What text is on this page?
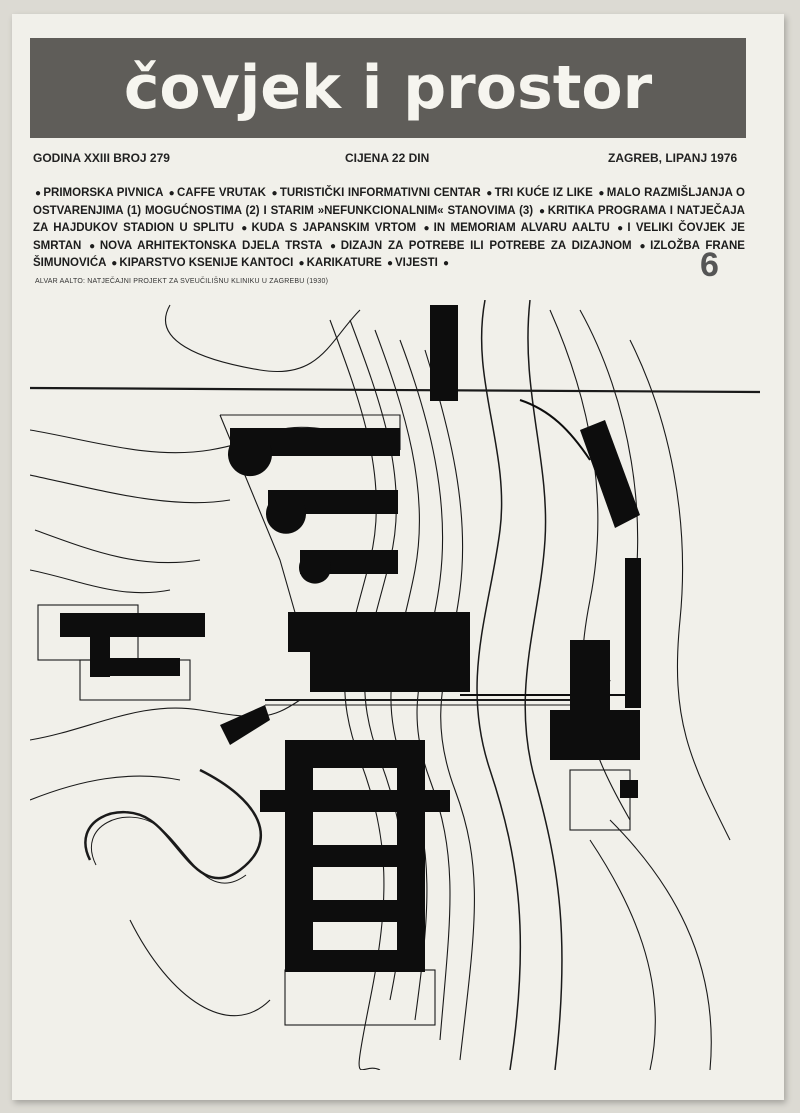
čovjek i prostor
GODINA XXIII BROJ 279	CIJENA 22 DIN	ZAGREB, LIPANJ 1976
● PRIMORSKA PIVNICA ● CAFFE VRUTAK ● TURISTIČKI INFORMATIVNI CENTAR ● TRI KUĆE IZ LIKE ● MALO RAZMIŠLJANJA O OSTVARENJIMA (1) MOGUĆNOSTIMA (2) I STARIM »NEFUNKCIONALNIM« STANOVIMA (3) ● KRITIKA PROGRAMA I NATJEČAJA ZA HAJDUKOV STADION U SPLITU ● KUDA S JAPANSKIM VRTOM ● IN MEMORIAM ALVARU AALTU ● I VELIKI ČOVJEK JE SMRTAN ● NOVA ARHITEKTONSKA DJELA TRSTA ● DIZAJN ZA POTREBE ILI POTREBE ZA DIZAJNOM ● IZLOŽBA FRANE ŠIMUNOVIĆA ● KIPARSTVO KSENIJE KANTOCI ● KARIKATURE ● VIJESTI ●	6
ALVAR AALTO: NATJEČAJNI PROJEKT ZA SVEUČILIŠNU KLINIKU U ZAGREBU (1930)
